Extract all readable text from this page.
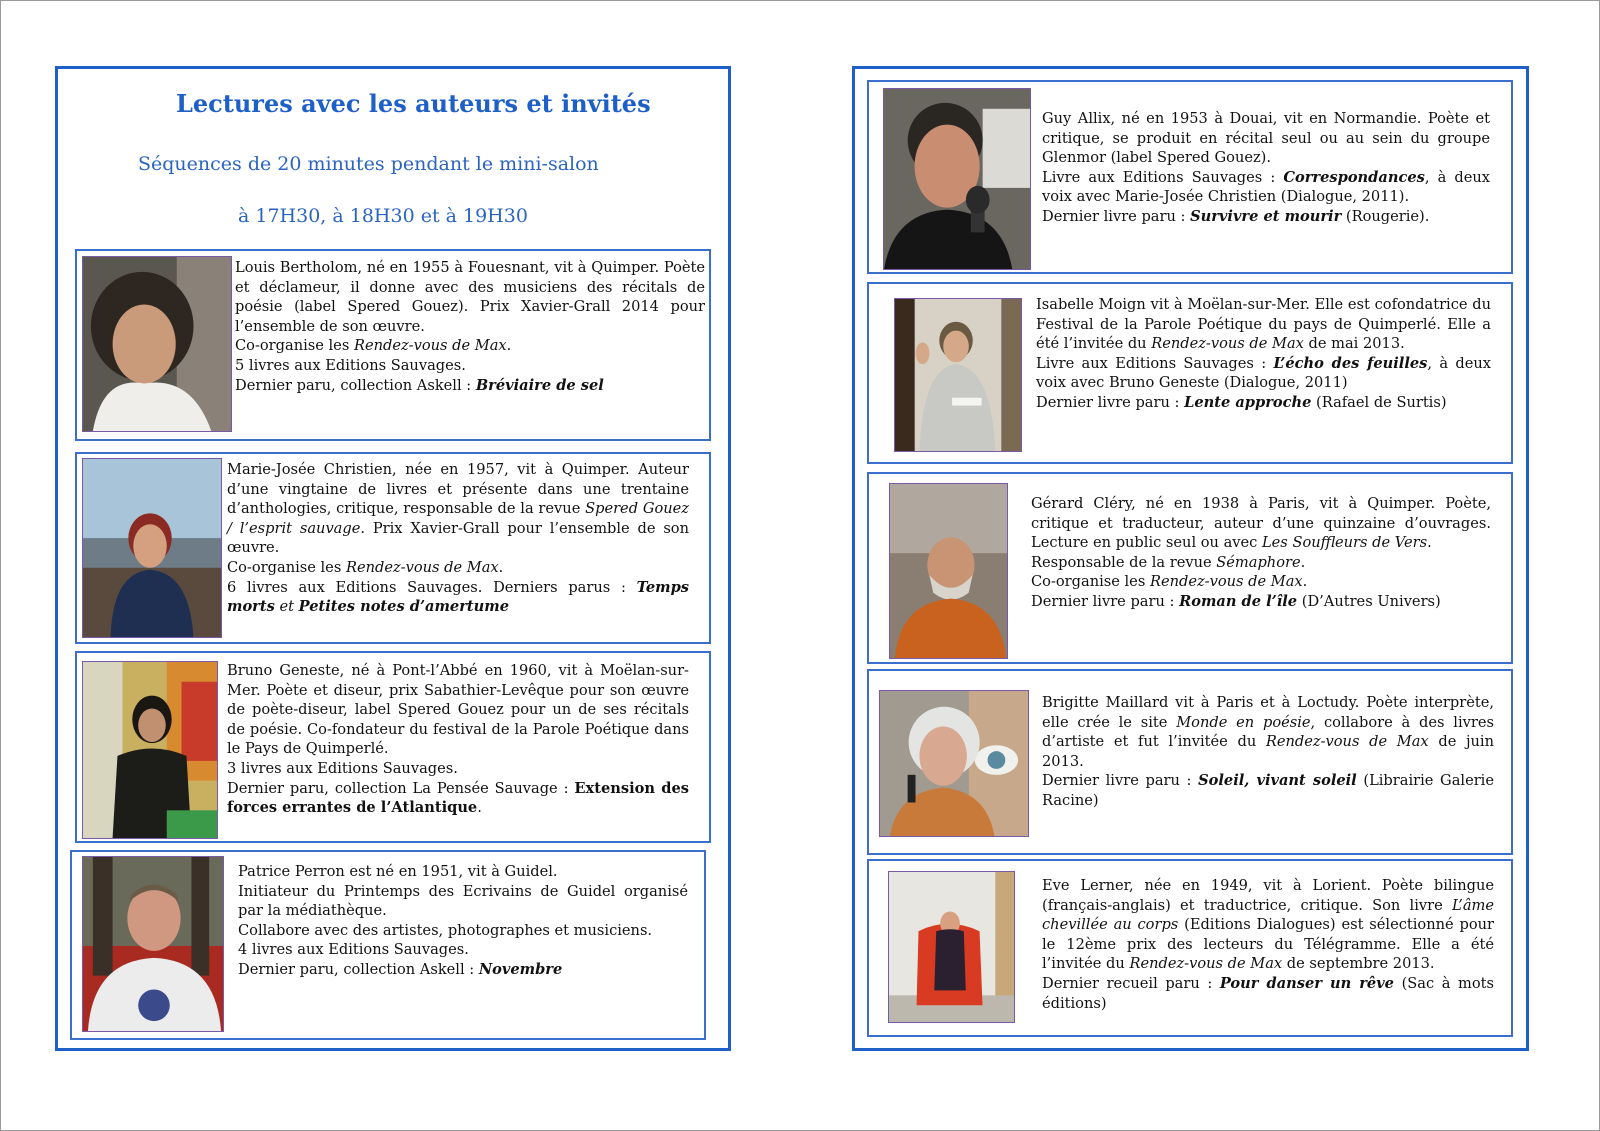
Lectures avec les auteurs et invités

Séquences de 20 minutes pendant le mini-salon

à 17H30, à 18H30 et à 19H30

Louis Bertholom, né en 1955 à Fouesnant, vit à Quimper. Poète et déclameur, il donne avec des musiciens des récitals de poésie (label Spered Gouez). Prix Xavier-Grall 2014 pour l’ensemble de son œuvre.
Co-organise les Rendez-vous de Max.
5 livres aux Editions Sauvages.
Dernier paru, collection Askell : Bréviaire de sel
Marie-Josée Christien, née en 1957, vit à Quimper. Auteur d’une vingtaine de livres et présente dans une trentaine d’anthologies, critique, responsable de la revue Spered Gouez / l’esprit sauvage. Prix Xavier-Grall pour l’ensemble de son œuvre.
Co-organise les Rendez-vous de Max.
6 livres aux Editions Sauvages. Derniers parus : Temps morts et Petites notes d’amertume
Bruno Geneste, né à Pont-l’Abbé en 1960, vit à Moëlan-sur-Mer. Poète et diseur, prix Sabathier-Levêque pour son œuvre de poète-diseur, label Spered Gouez pour un de ses récitals de poésie. Co-fondateur du festival de la Parole Poétique dans le Pays de Quimperlé.
3 livres aux Editions Sauvages.
Dernier paru, collection La Pensée Sauvage : Extension des forces errantes de l’Atlantique.
Patrice Perron est né en 1951, vit à Guidel.
Initiateur du Printemps des Ecrivains de Guidel organisé par la médiathèque.
Collabore avec des artistes, photographes et musiciens.
4 livres aux Editions Sauvages.
Dernier paru, collection Askell : Novembre
Guy Allix, né en 1953 à Douai, vit en Normandie. Poète et critique, se produit en récital seul ou au sein du groupe Glenmor (label Spered Gouez).
Livre aux Editions Sauvages : Correspondances, à deux voix avec Marie-Josée Christien (Dialogue, 2011).
Dernier livre paru : Survivre et mourir (Rougerie).
Isabelle Moign vit à Moëlan-sur-Mer. Elle est cofondatrice du Festival de la Parole Poétique du pays de Quimperlé. Elle a été l’invitée du Rendez-vous de Max de mai 2013.
Livre aux Editions Sauvages : L’écho des feuilles, à deux voix avec Bruno Geneste (Dialogue, 2011)
Dernier livre paru : Lente approche (Rafael de Surtis)
Gérard Cléry, né en 1938 à Paris, vit à Quimper. Poète, critique et traducteur, auteur d’une quinzaine d’ouvrages. Lecture en public seul ou avec Les Souffleurs de Vers.
Responsable de la revue Sémaphore.
Co-organise les Rendez-vous de Max.
Dernier livre paru : Roman de l’île (D’Autres Univers)
Brigitte Maillard vit à Paris et à Loctudy. Poète interprète, elle crée le site Monde en poésie, collabore à des livres d’artiste et fut l’invitée du Rendez-vous de Max de juin 2013.
Dernier livre paru : Soleil, vivant soleil (Librairie Galerie Racine)
Eve Lerner, née en 1949, vit à Lorient. Poète bilingue (français-anglais) et traductrice, critique. Son livre L’âme chevillée au corps (Editions Dialogues) est sélectionné pour le 12ème prix des lecteurs du Télégramme. Elle a été l’invitée du Rendez-vous de Max de septembre 2013.
Dernier recueil paru : Pour danser un rêve (Sac à mots éditions)
